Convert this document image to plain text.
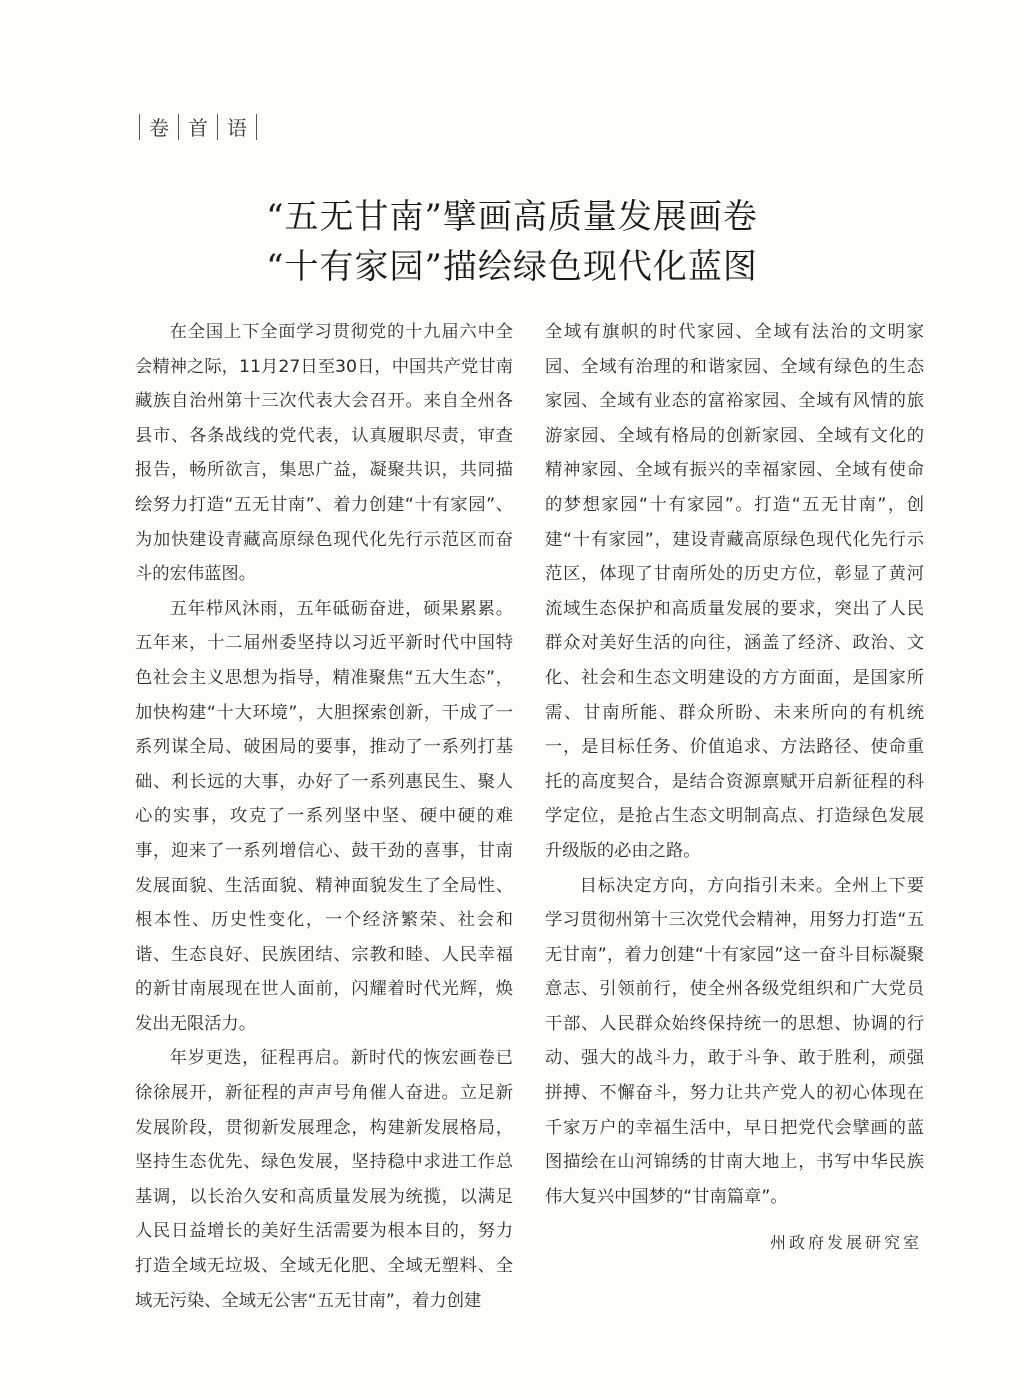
卷 首 语
“五无甘南”擘画高质量发展画卷
“十有家园”描绘绿色现代化蓝图

在全国上下全面学习贯彻党的十九届六中全会精神之际，11月27日至30日，中国共产党甘南藏族自治州第十三次代表大会召开。来自全州各县市、各条战线的党代表，认真履职尽责，审查报告，畅所欲言，集思广益，凝聚共识，共同描绘努力打造“五无甘南”、着力创建“十有家园”、为加快建设青藏高原绿色现代化先行示范区而奋斗的宏伟蓝图。

五年栉风沐雨，五年砥砺奋进，硕果累累。五年来，十二届州委坚持以习近平新时代中国特色社会主义思想为指导，精准聚焦“五大生态”，加快构建“十大环境”，大胆探索创新，干成了一系列谋全局、破困局的要事，推动了一系列打基础、利长远的大事，办好了一系列惠民生、聚人心的实事，攻克了一系列坚中坚、硬中硬的难事，迎来了一系列增信心、鼓干劲的喜事，甘南发展面貌、生活面貌、精神面貌发生了全局性、根本性、历史性变化，一个经济繁荣、社会和谐、生态良好、民族团结、宗教和睦、人民幸福的新甘南展现在世人面前，闪耀着时代光辉，焕发出无限活力。

年岁更迭，征程再启。新时代的恢宏画卷已徐徐展开，新征程的声声号角催人奋进。立足新发展阶段，贯彻新发展理念，构建新发展格局，坚持生态优先、绿色发展，坚持稳中求进工作总基调，以长治久安和高质量发展为统揽，以满足人民日益增长的美好生活需要为根本目的，努力打造全域无垃圾、全域无化肥、全域无塑料、全域无污染、全域无公害“五无甘南”，着力创建

全域有旗帜的时代家园、全域有法治的文明家园、全域有治理的和谐家园、全域有绿色的生态家园、全域有业态的富裕家园、全域有风情的旅游家园、全域有格局的创新家园、全域有文化的精神家园、全域有振兴的幸福家园、全域有使命的梦想家园“十有家园”。打造“五无甘南”，创建“十有家园”，建设青藏高原绿色现代化先行示范区，体现了甘南所处的历史方位，彰显了黄河流域生态保护和高质量发展的要求，突出了人民群众对美好生活的向往，涵盖了经济、政治、文化、社会和生态文明建设的方方面面，是国家所需、甘南所能、群众所盼、未来所向的有机统一，是目标任务、价值追求、方法路径、使命重托的高度契合，是结合资源禀赋开启新征程的科学定位，是抢占生态文明制高点、打造绿色发展升级版的必由之路。

目标决定方向，方向指引未来。全州上下要学习贯彻州第十三次党代会精神，用努力打造“五无甘南”，着力创建“十有家园”这一奋斗目标凝聚意志、引领前行，使全州各级党组织和广大党员干部、人民群众始终保持统一的思想、协调的行动、强大的战斗力，敢于斗争、敢于胜利，顽强拼搏、不懈奋斗，努力让共产党人的初心体现在千家万户的幸福生活中，早日把党代会擘画的蓝图描绘在山河锦绣的甘南大地上，书写中华民族伟大复兴中国梦的“甘南篇章”。

州政府发展研究室
